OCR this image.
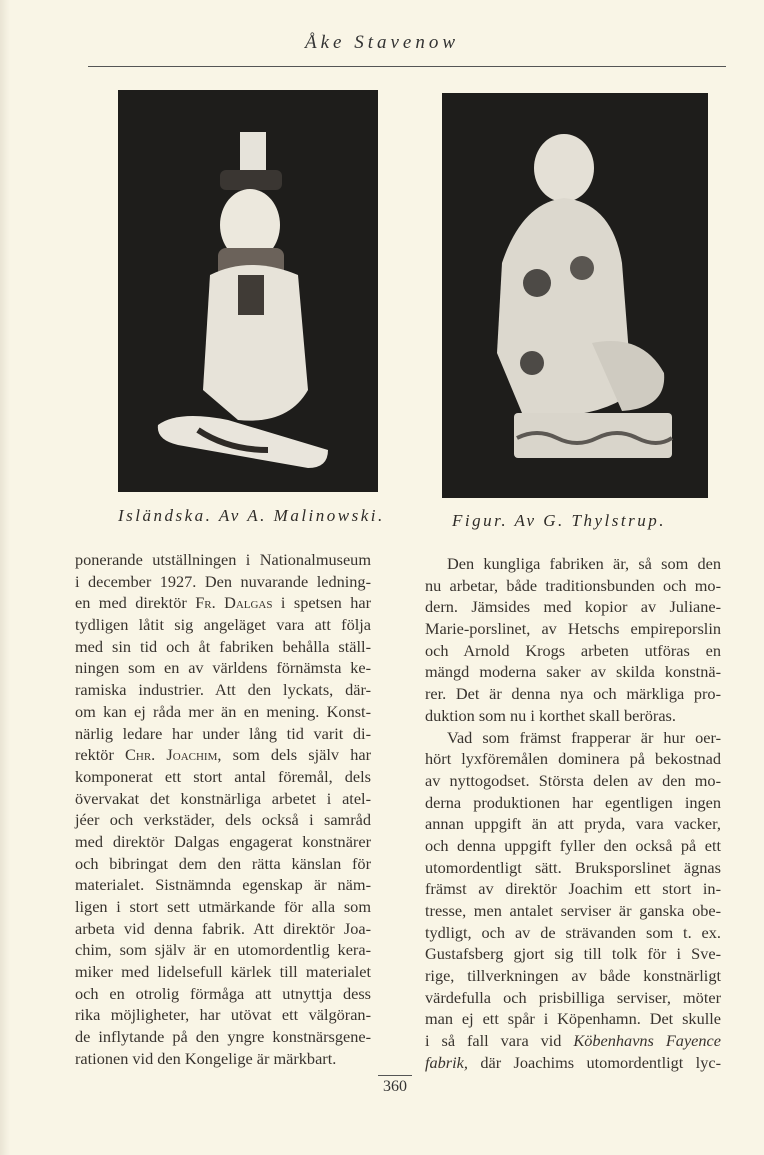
Åke Stavenow
Isländska. Av A. Malinowski.	Figur. Av G. Thylstrup.
ponerande utställningen i Nationalmuseum
i december 1927. Den nuvarande ledning-
en med direktör Fr. Dalgas i spetsen har
tydligen låtit sig angeläget vara att följa
med sin tid och åt fabriken behålla ställ-
ningen som en av världens förnämsta ke-
ramiska industrier. Att den lyckats, där-
om kan ej råda mer än en mening. Konst-
närlig ledare har under lång tid varit di-
rektör Chr. Joachim, som dels själv har
komponerat ett stort antal föremål, dels
övervakat det konstnärliga arbetet i atel-
jéer och verkstäder, dels också i samråd
med direktör Dalgas engagerat konstnärer
och bibringat dem den rätta känslan för
materialet. Sistnämnda egenskap är näm-
ligen i stort sett utmärkande för alla som
arbeta vid denna fabrik. Att direktör Joa-
chim, som själv är en utomordentlig kera-
miker med lidelsefull kärlek till materialet
och en otrolig förmåga att utnyttja dess
rika möjligheter, har utövat ett välgöran-
de inflytande på den yngre konstnärsgene-
rationen vid den Kongelige är märkbart.
Den kungliga fabriken är, så som den
nu arbetar, både traditionsbunden och mo-
dern. Jämsides med kopior av Juliane-
Marie-porslinet, av Hetschs empireporslin
och Arnold Krogs arbeten utföras en
mängd moderna saker av skilda konstnä-
rer. Det är denna nya och märkliga pro-
duktion som nu i korthet skall beröras.
Vad som främst frapperar är hur oer-
hört lyxföremålen dominera på bekostnad
av nyttogodset. Största delen av den mo-
derna produktionen har egentligen ingen
annan uppgift än att pryda, vara vacker,
och denna uppgift fyller den också på ett
utomordentligt sätt. Bruksporslinet ägnas
främst av direktör Joachim ett stort in-
tresse, men antalet serviser är ganska obe-
tydligt, och av de strävanden som t. ex.
Gustafsberg gjort sig till tolk för i Sve-
rige, tillverkningen av både konstnärligt
värdefulla och prisbilliga serviser, möter
man ej ett spår i Köpenhamn. Det skulle
i så fall vara vid Köbenhavns Fayence
fabrik, där Joachims utomordentligt lyc-
360
